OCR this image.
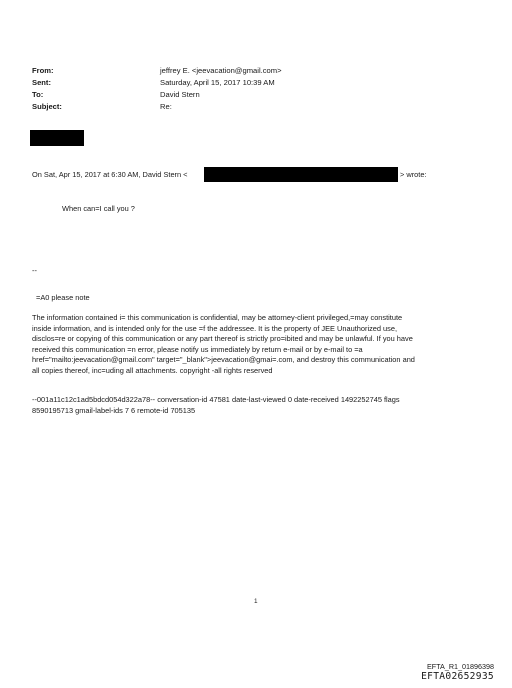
From:	jeffrey E. <jeevacation@gmail.com>
Sent:	Saturday, April 15, 2017 10:39 AM
To:	David Stern
Subject:	Re:
On Sat, Apr 15, 2017 at 6:30 AM, David Stern <	> wrote:
When can=I call you ?
--
=A0 please note
The information contained i= this communication is confidential, may be attorney-client privileged,=may constitute
inside information, and is intended only for the use =f the addressee. It is the property of JEE Unauthorized use,
disclos=re or copying of this communication or any part thereof is strictly pro=ibited and may be unlawful. If you have
received this communication =n error, please notify us immediately by return e-mail or by e-mail to =a
href="mailto:jeevacation@gmail.com" target="_blank">jeevacation@gmai=.com, and destroy this communication and
all copies thereof, inc=uding all attachments. copyright -all rights reserved
--001a11c12c1ad5bdcd054d322a78-- conversation-id 47581 date-last-viewed 0 date-received 1492252745 flags
8590195713 gmail-label-ids 7 6 remote-id 705135
1
EFTA_R1_01896398
EFTA02652935
